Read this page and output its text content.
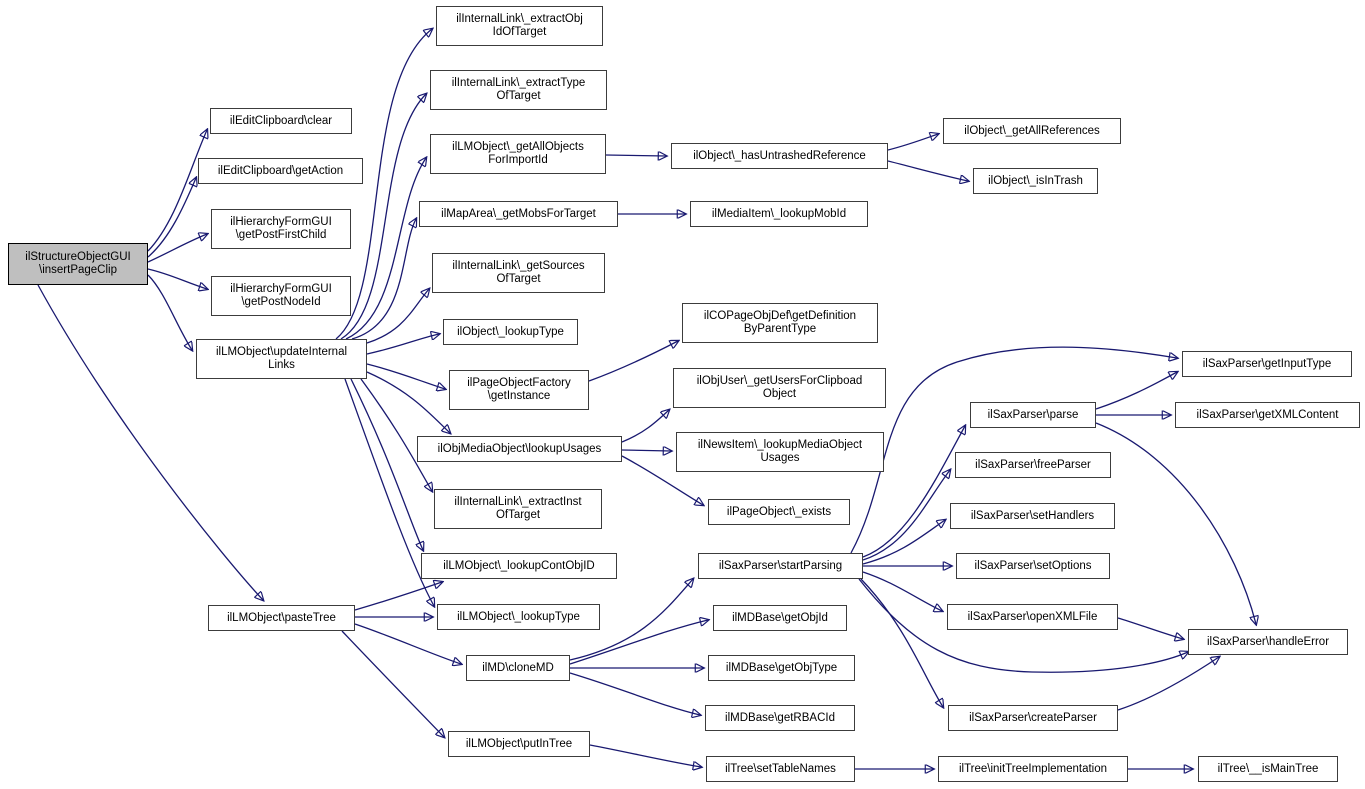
ilStructureObjectGUI
\insertPageClip
ilEditClipboard\clear
ilEditClipboard\getAction
ilHierarchyFormGUI
\getPostFirstChild
ilHierarchyFormGUI
\getPostNodeId
ilLMObject\updateInternal
Links
ilLMObject\pasteTree
ilInternalLink\_extractObj
IdOfTarget
ilInternalLink\_extractType
OfTarget
ilLMObject\_getAllObjects
ForImportId
ilMapArea\_getMobsForTarget
ilInternalLink\_getSources
OfTarget
ilObject\_lookupType
ilPageObjectFactory
\getInstance
ilObjMediaObject\lookupUsages
ilInternalLink\_extractInst
OfTarget
ilLMObject\_lookupContObjID
ilLMObject\_lookupType
ilMD\cloneMD
ilLMObject\putInTree
ilObject\_hasUntrashedReference
ilMediaItem\_lookupMobId
ilCOPageObjDef\getDefinition
ByParentType
ilObjUser\_getUsersForClipboad
Object
ilNewsItem\_lookupMediaObject
Usages
ilPageObject\_exists
ilSaxParser\startParsing
ilMDBase\getObjId
ilMDBase\getObjType
ilMDBase\getRBACId
ilTree\setTableNames
ilObject\_getAllReferences
ilObject\_isInTrash
ilSaxParser\parse
ilSaxParser\freeParser
ilSaxParser\setHandlers
ilSaxParser\setOptions
ilSaxParser\openXMLFile
ilSaxParser\createParser
ilTree\initTreeImplementation
ilSaxParser\getInputType
ilSaxParser\getXMLContent
ilSaxParser\handleError
ilTree\__isMainTree
